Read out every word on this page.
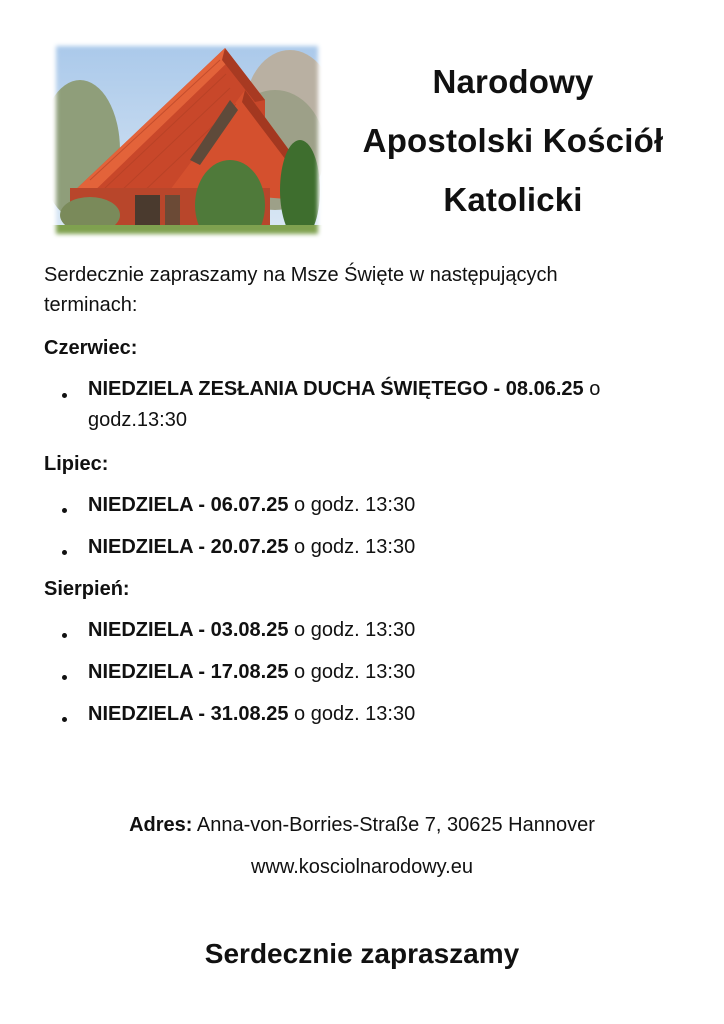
Narodowy
Apostolski Kościół
Katolicki
Serdecznie zapraszamy na Msze Święte w następujących terminach:
Czerwiec:
NIEDZIELA ZESŁANIA DUCHA ŚWIĘTEGO - 08.06.25 o godz.13:30
Lipiec:
NIEDZIELA - 06.07.25 o godz. 13:30
NIEDZIELA - 20.07.25 o godz. 13:30
Sierpień:
NIEDZIELA - 03.08.25 o godz. 13:30
NIEDZIELA - 17.08.25 o godz. 13:30
NIEDZIELA - 31.08.25 o godz. 13:30
Adres: Anna-von-Borries-Straße 7, 30625 Hannover
www.kosciolnarodowy.eu
Serdecznie zapraszamy
